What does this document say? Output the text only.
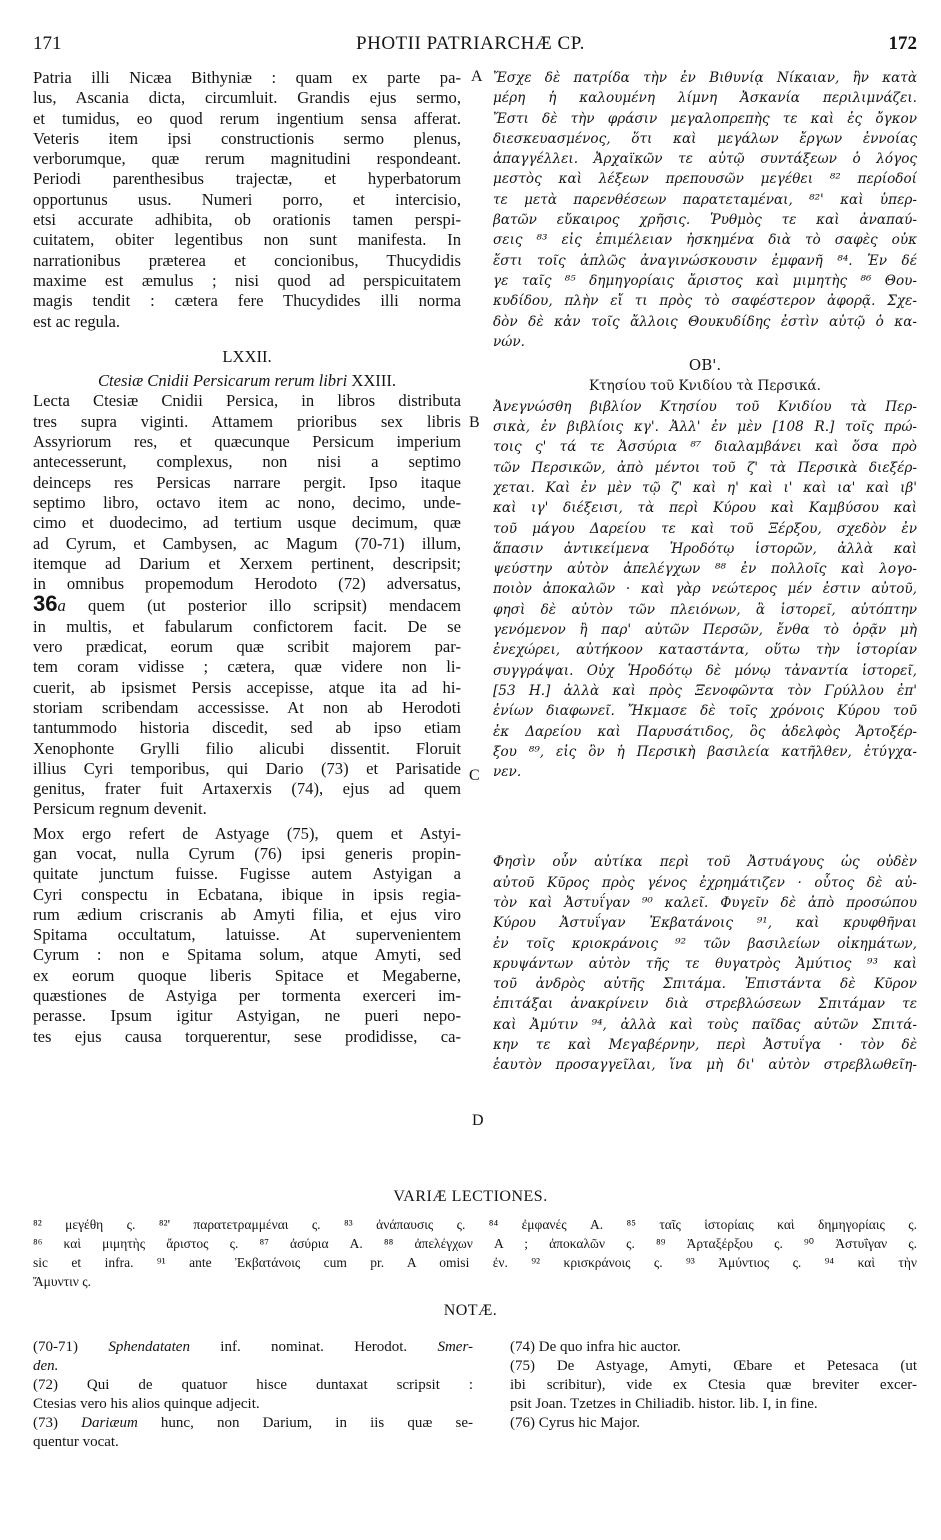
171	PHOTII PATRIARCHÆ CP.	172
A
B
C
D
Patria illi Nicæa Bithyniæ : quam ex parte pa-
lus, Ascania dicta, circumluit. Grandis ejus sermo,
et tumidus, eo quod rerum ingentium sensa afferat.
Veteris item ipsi constructionis sermo plenus,
verborumque, quæ rerum magnitudini respondeant.
Periodi parenthesibus trajectæ, et hyperbatorum
opportunus usus. Numeri porro, et intercisio,
etsi accurate adhibita, ob orationis tamen perspi-
cuitatem, obiter legentibus non sunt manifesta. In
narrationibus præterea et concionibus, Thucydidis
maxime est æmulus ; nisi quod ad perspicuitatem
magis tendit : cætera fere Thucydides illi norma
est ac regula.
LXXII.
Ctesiæ Cnidii Persicarum rerum libri XXIII.
Lecta Ctesiæ Cnidii Persica, in libros distributa
tres supra viginti. Attamem prioribus sex libris
Assyriorum res, et quæcunque Persicum imperium
antecesserunt, complexus, non nisi a septimo
deinceps res Persicas narrare pergit. Ipso itaque
septimo libro, octavo item ac nono, decimo, unde-
cimo et duodecimo, ad tertium usque decimum, quæ
ad Cyrum, et Cambysen, ac Magum (70-71) illum,
itemque ad Darium et Xerxem pertinent, descripsit;
in omnibus propemodum Herodoto (72) adversatus,
36a quem (ut posterior illo scripsit) mendacem
in multis, et fabularum confictorem facit. De se
vero prædicat, eorum quæ scribit majorem par-
tem coram vidisse ; cætera, quæ videre non li-
cuerit, ab ipsismet Persis accepisse, atque ita ad hi-
storiam scribendam accessisse. At non ab Herodoti
tantummodo historia discedit, sed ab ipso etiam
Xenophonte Grylli filio alicubi dissentit. Floruit
illius Cyri temporibus, qui Dario (73) et Parisatide
genitus, frater fuit Artaxerxis (74), ejus ad quem
Persicum regnum devenit.
Mox ergo refert de Astyage (75), quem et Astyi-
gan vocat, nulla Cyrum (76) ipsi generis propin-
quitate junctum fuisse. Fugisse autem Astyigan a
Cyri conspectu in Ecbatana, ibique in ipsis regia-
rum ædium criscranis ab Amyti filia, et ejus viro
Spitama occultatum, latuisse. At supervenientem
Cyrum : non e Spitama solum, atque Amyti, sed
ex eorum quoque liberis Spitace et Megaberne,
quæstiones de Astyiga per tormenta exerceri im-
perasse. Ipsum igitur Astyigan, ne pueri nepo-
tes ejus causa torquerentur, sese prodidisse, ca-
Ἔσχε δὲ πατρίδα τὴν ἐν Βιθυνίᾳ Νίκαιαν, ἣν κατὰ
μέρη ἡ καλουμένη λίμνη Ἀσκανία περιλιμνάζει.
Ἔστι δὲ τὴν φράσιν μεγαλοπρεπὴς τε καὶ ἐς ὄγκον
διεσκευασμένος, ὅτι καὶ μεγάλων ἔργων ἐννοίας
ἀπαγγέλλει. Ἀρχαϊκῶν τε αὐτῷ συντάξεων ὁ λόγος
μεστὸς καὶ λέξεων πρεπουσῶν μεγέθει ⁸² περίοδοί
τε μετὰ παρενθέσεων παρατεταμέναι, ⁸²' καὶ ὑπερ-
βατῶν εὔκαιρος χρῆσις. Ῥυθμὸς τε καὶ ἀναπαύ-
σεις ⁸³ εἰς ἐπιμέλειαν ἠσκημένα διὰ τὸ σαφὲς οὐκ
ἔστι τοῖς ἁπλῶς ἀναγινώσκουσιν ἐμφανῆ ⁸⁴. Ἐν δέ
γε ταῖς ⁸⁵ δημηγορίαις ἄριστος καὶ μιμητὴς ⁸⁶ Θου-
κυδίδου, πλὴν εἴ τι πρὸς τὸ σαφέστερον ἀφορᾷ. Σχε-
δὸν δὲ κἀν τοῖς ἄλλοις Θουκυδίδης ἐστὶν αὐτῷ ὁ κα-
νών.
ΟΒ'.
Κτησίου τοῦ Κνιδίου τὰ Περσικά.
Ἀνεγνώσθη βιβλίον Κτησίου τοῦ Κνιδίου τὰ Περ-
σικὰ, ἐν βιβλίοις κγ'. Ἀλλ' ἐν μὲν [108 R.] τοῖς πρώ-
τοις ς' τά τε Ἀσσύρια ⁸⁷ διαλαμβάνει καὶ ὅσα πρὸ
τῶν Περσικῶν, ἀπὸ μέντοι τοῦ ζ' τὰ Περσικὰ διεξέρ-
χεται. Καὶ ἐν μὲν τῷ ζ' καὶ η' καὶ ι' καὶ ια' καὶ ιβ'
καὶ ιγ' διέξεισι, τὰ περὶ Κύρου καὶ Καμβύσου καὶ
τοῦ μάγου Δαρείου τε καὶ τοῦ Ξέρξου, σχεδὸν ἐν
ἅπασιν ἀντικείμενα Ἡροδότῳ ἱστορῶν, ἀλλὰ καὶ
ψεύστην αὐτὸν ἀπελέγχων ⁸⁸ ἐν πολλοῖς καὶ λογο-
ποιὸν ἀποκαλῶν · καὶ γὰρ νεώτερος μέν ἐστιν αὐτοῦ,
φησὶ δὲ αὐτὸν τῶν πλειόνων, ἃ ἱστορεῖ, αὐτόπτην
γενόμενον ἢ παρ' αὐτῶν Περσῶν, ἔνθα τὸ ὁρᾷν μὴ
ἐνεχώρει, αὐτήκοον καταστάντα, οὕτω τὴν ἱστορίαν
συγγράψαι. Οὐχ Ἡροδότῳ δὲ μόνῳ τἀναντία ἱστορεῖ,
[53 H.] ἀλλὰ καὶ πρὸς Ξενοφῶντα τὸν Γρύλλου ἐπ'
ἐνίων διαφωνεῖ. Ἤκμασε δὲ τοῖς χρόνοις Κύρου τοῦ
ἐκ Δαρείου καὶ Παρυσάτιδος, ὃς ἀδελφὸς Ἀρτοξέρ-
ξου ⁸⁹, εἰς ὃν ἡ Περσικὴ βασιλεία κατῆλθεν, ἐτύγχα-
νεν.
Φησὶν οὖν αὐτίκα περὶ τοῦ Ἀστυάγους ὡς οὐδὲν
αὐτοῦ Κῦρος πρὸς γένος ἐχρημάτιζεν · οὗτος δὲ αὐ-
τὸν καὶ Ἀστυΐγαν ⁹⁰ καλεῖ. Φυγεῖν δὲ ἀπὸ προσώπου
Κύρου Ἀστυΐγαν Ἐκβατάνοις ⁹¹, καὶ κρυφθῆναι
ἐν τοῖς κριοκράνοις ⁹² τῶν βασιλείων οἰκημάτων,
κρυψάντων αὐτὸν τῆς τε θυγατρὸς Ἀμύτιος ⁹³ καὶ
τοῦ ἀνδρὸς αὐτῆς Σπιτάμα. Ἐπιστάντα δὲ Κῦρον
ἐπιτάξαι ἀνακρίνειν διὰ στρεβλώσεων Σπιτάμαν τε
καὶ Ἀμύτιν ⁹⁴, ἀλλὰ καὶ τοὺς παῖδας αὐτῶν Σπιτά-
κην τε καὶ Μεγαβέρνην, περὶ Ἀστυΐγα · τὸν δὲ
ἑαυτὸν προσαγγεῖλαι, ἵνα μὴ δι' αὐτὸν στρεβλωθεῖη-
VARIÆ LECTIONES.
⁸² μεγέθη ς. ⁸²' παρατετραμμέναι ς. ⁸³ ἀνάπαυσις ς. ⁸⁴ ἐμφανές A. ⁸⁵ ταῖς ἱστορίαις καὶ δημηγορίαις ς.
⁸⁶ καὶ μιμητὴς ἄριστος ς. ⁸⁷ ἀσύρια A. ⁸⁸ ἀπελέγχων A ; ἀποκαλῶν ς. ⁸⁹ Ἀρταξέρξου ς. ⁹⁰ Ἀστυΐγαν ς.
sic et infra. ⁹¹ ante Ἐκβατάνοις cum pr. A omisi ἐν. ⁹² κρισκράνοις ς. ⁹³ Ἀμύντιος ς. ⁹⁴ καὶ τὴν
Ἄμυντιν ς.
NOTÆ.
(70-71) Sphendataten inf. nominat. Herodot. Smer-
den.
(72) Qui de quatuor hisce duntaxat scripsit :
Ctesias vero his alios quinque adjecit.
(73) Dariæum hunc, non Darium, in iis quæ se-
quentur vocat.
(74) De quo infra hic auctor.
(75) De Astyage, Amyti, Œbare et Petesaca (ut
ibi scribitur), vide ex Ctesia quæ breviter excer-
psit Joan. Tzetzes in Chiliadib. histor. lib. I, in fine.
(76) Cyrus hic Major.
